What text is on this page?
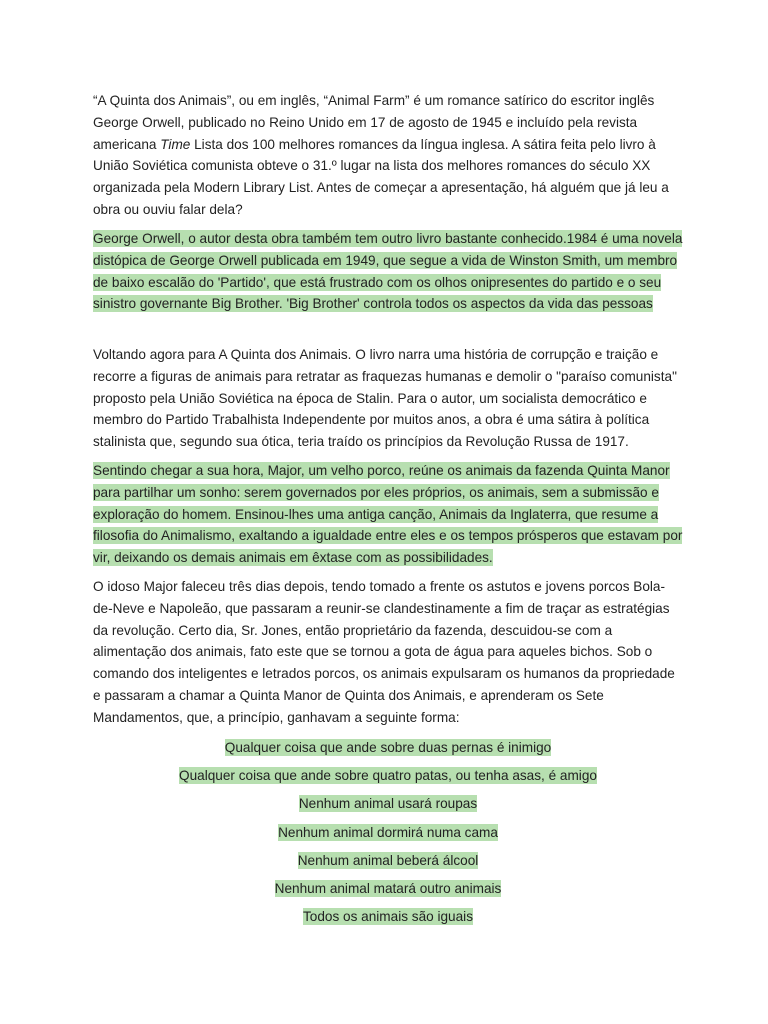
“A Quinta dos Animais”, ou em inglês, “Animal Farm” é um romance satírico do escritor inglês George Orwell, publicado no Reino Unido em 17 de agosto de 1945 e incluído pela revista americana Time Lista dos 100 melhores romances da língua inglesa. A sátira feita pelo livro à União Soviética comunista obteve o 31.º lugar na lista dos melhores romances do século XX organizada pela Modern Library List. Antes de começar a apresentação, há alguém que já leu a obra ou ouviu falar dela?

George Orwell, o autor desta obra também tem outro livro bastante conhecido.1984 é uma novela distópica de George Orwell publicada em 1949, que segue a vida de Winston Smith, um membro de baixo escalão do 'Partido', que está frustrado com os olhos onipresentes do partido e o seu sinistro governante Big Brother. 'Big Brother' controla todos os aspectos da vida das pessoas

Voltando agora para A Quinta dos Animais. O livro narra uma história de corrupção e traição e recorre a figuras de animais para retratar as fraquezas humanas e demolir o "paraíso comunista" proposto pela União Soviética na época de Stalin. Para o autor, um socialista democrático e membro do Partido Trabalhista Independente por muitos anos, a obra é uma sátira à política stalinista que, segundo sua ótica, teria traído os princípios da Revolução Russa de 1917.

Sentindo chegar a sua hora, Major, um velho porco, reúne os animais da fazenda Quinta Manor para partilhar um sonho: serem governados por eles próprios, os animais, sem a submissão e exploração do homem. Ensinou-lhes uma antiga canção, Animais da Inglaterra, que resume a filosofia do Animalismo, exaltando a igualdade entre eles e os tempos prósperos que estavam por vir, deixando os demais animais em êxtase com as possibilidades.

O idoso Major faleceu três dias depois, tendo tomado a frente os astutos e jovens porcos Bola-de-Neve e Napoleão, que passaram a reunir-se clandestinamente a fim de traçar as estratégias da revolução. Certo dia, Sr. Jones, então proprietário da fazenda, descuidou-se com a alimentação dos animais, fato este que se tornou a gota de água para aqueles bichos. Sob o comando dos inteligentes e letrados porcos, os animais expulsaram os humanos da propriedade e passaram a chamar a Quinta Manor de Quinta dos Animais, e aprenderam os Sete Mandamentos, que, a princípio, ganhavam a seguinte forma:

Qualquer coisa que ande sobre duas pernas é inimigo
Qualquer coisa que ande sobre quatro patas, ou tenha asas, é amigo
Nenhum animal usará roupas
Nenhum animal dormirá numa cama
Nenhum animal beberá álcool
Nenhum animal matará outro animais
Todos os animais são iguais
